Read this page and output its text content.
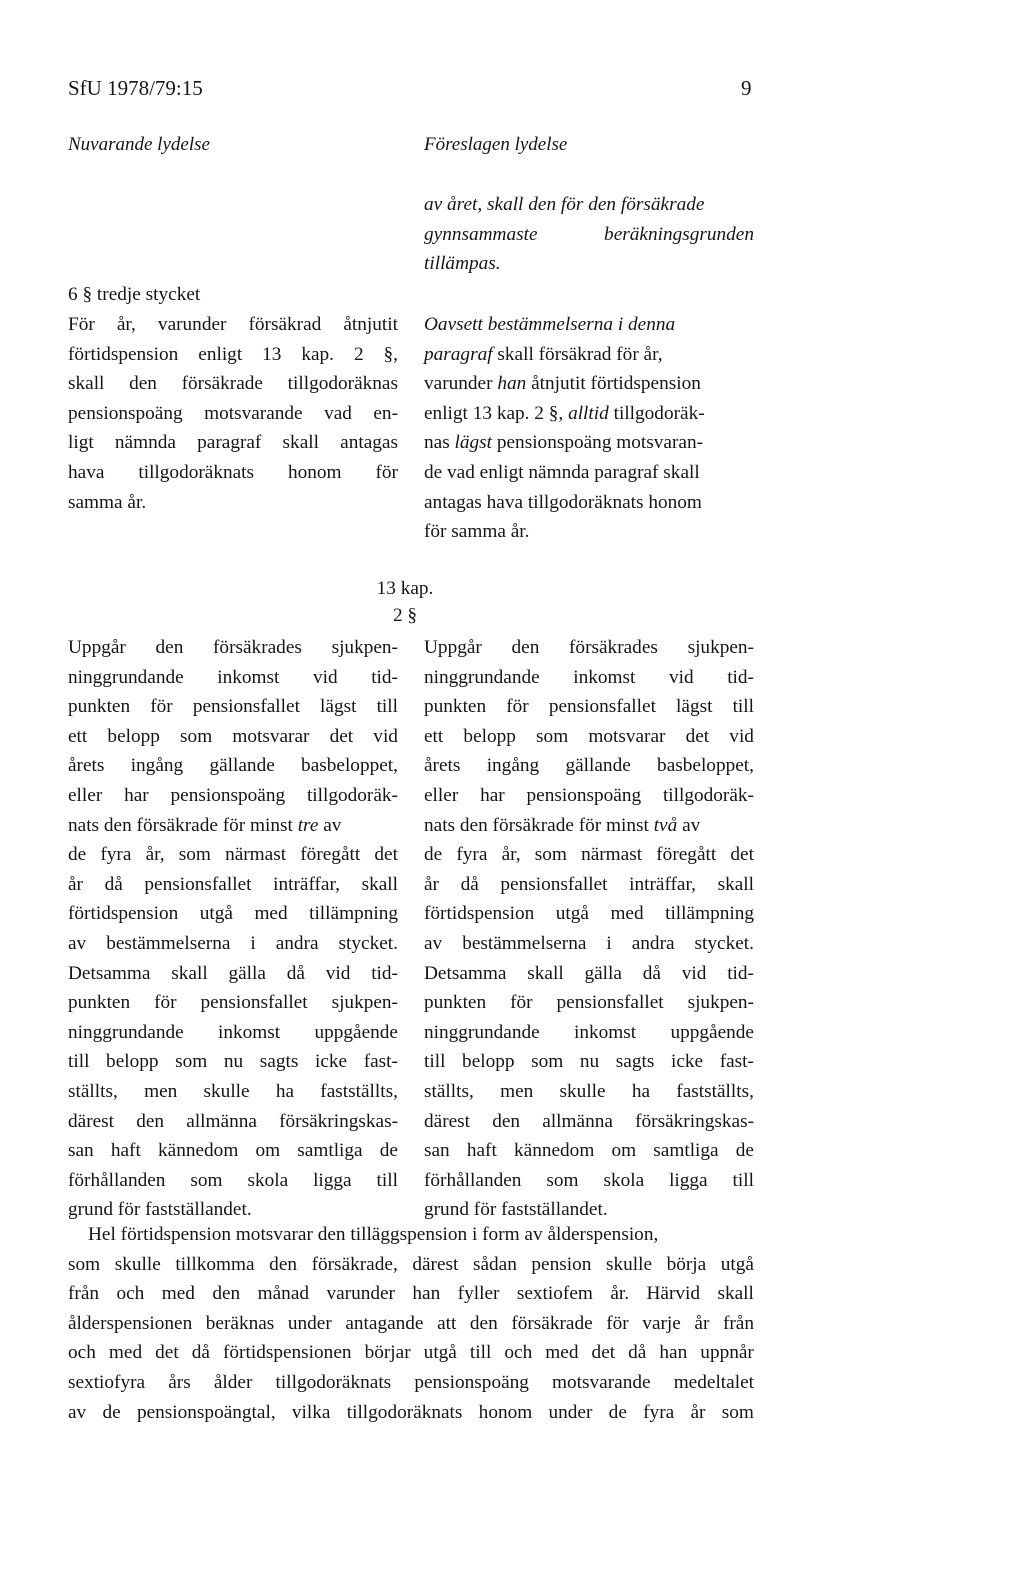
SfU 1978/79:15	9
Nuvarande lydelse	Föreslagen lydelse
av året, skall den för den försäkrade
gynnsammaste	beräkningsgrunden
tillämpas.
6 § tredje stycket
För år, varunder försäkrad åtnjutit
förtidspension enligt 13 kap. 2 §,
skall den försäkrade tillgodoräknas
pensionspoäng motsvarande vad en-
ligt nämnda paragraf skall antagas
hava tillgodoräknats honom för
samma år.
Oavsett bestämmelserna i denna
paragraf skall försäkrad för år,
varunder han åtnjutit förtidspension
enligt 13 kap. 2 §, alltid tillgodoräk-
nas lägst pensionspoäng motsvaran-
de vad enligt nämnda paragraf skall
antagas hava tillgodoräknats honom
för samma år.
13 kap.
2 §
Uppgår den försäkrades sjukpen-
ninggrundande inkomst vid tid-
punkten för pensionsfallet lägst till
ett belopp som motsvarar det vid
årets ingång gällande basbeloppet,
eller har pensionspoäng tillgodoräk-
nats den försäkrade för minst tre av
de fyra år, som närmast föregått det
år då pensionsfallet inträffar, skall
förtidspension utgå med tillämpning
av bestämmelserna i andra stycket.
Detsamma skall gälla då vid tid-
punkten för pensionsfallet sjukpen-
ninggrundande inkomst uppgående
till belopp som nu sagts icke fast-
ställts, men skulle ha fastställts,
därest den allmänna försäkringskas-
san haft kännedom om samtliga de
förhållanden som skola ligga till
grund för fastställandet.
Uppgår den försäkrades sjukpen-
ninggrundande inkomst vid tid-
punkten för pensionsfallet lägst till
ett belopp som motsvarar det vid
årets ingång gällande basbeloppet,
eller har pensionspoäng tillgodoräk-
nats den försäkrade för minst två av
de fyra år, som närmast föregått det
år då pensionsfallet inträffar, skall
förtidspension utgå med tillämpning
av bestämmelserna i andra stycket.
Detsamma skall gälla då vid tid-
punkten för pensionsfallet sjukpen-
ninggrundande inkomst uppgående
till belopp som nu sagts icke fast-
ställts, men skulle ha fastställts,
därest den allmänna försäkringskas-
san haft kännedom om samtliga de
förhållanden som skola ligga till
grund för fastställandet.
Hel förtidspension motsvarar den tilläggspension i form av ålderspension,
som skulle tillkomma den försäkrade, därest sådan pension skulle börja utgå
från och med den månad varunder han fyller sextiofem år. Härvid skall
ålderspensionen beräknas under antagande att den försäkrade för varje år från
och med det då förtidspensionen börjar utgå till och med det då han uppnår
sextiofyra års ålder tillgodoräknats pensionspoäng motsvarande medeltalet
av de pensionspoängtal, vilka tillgodoräknats honom under de fyra år som
